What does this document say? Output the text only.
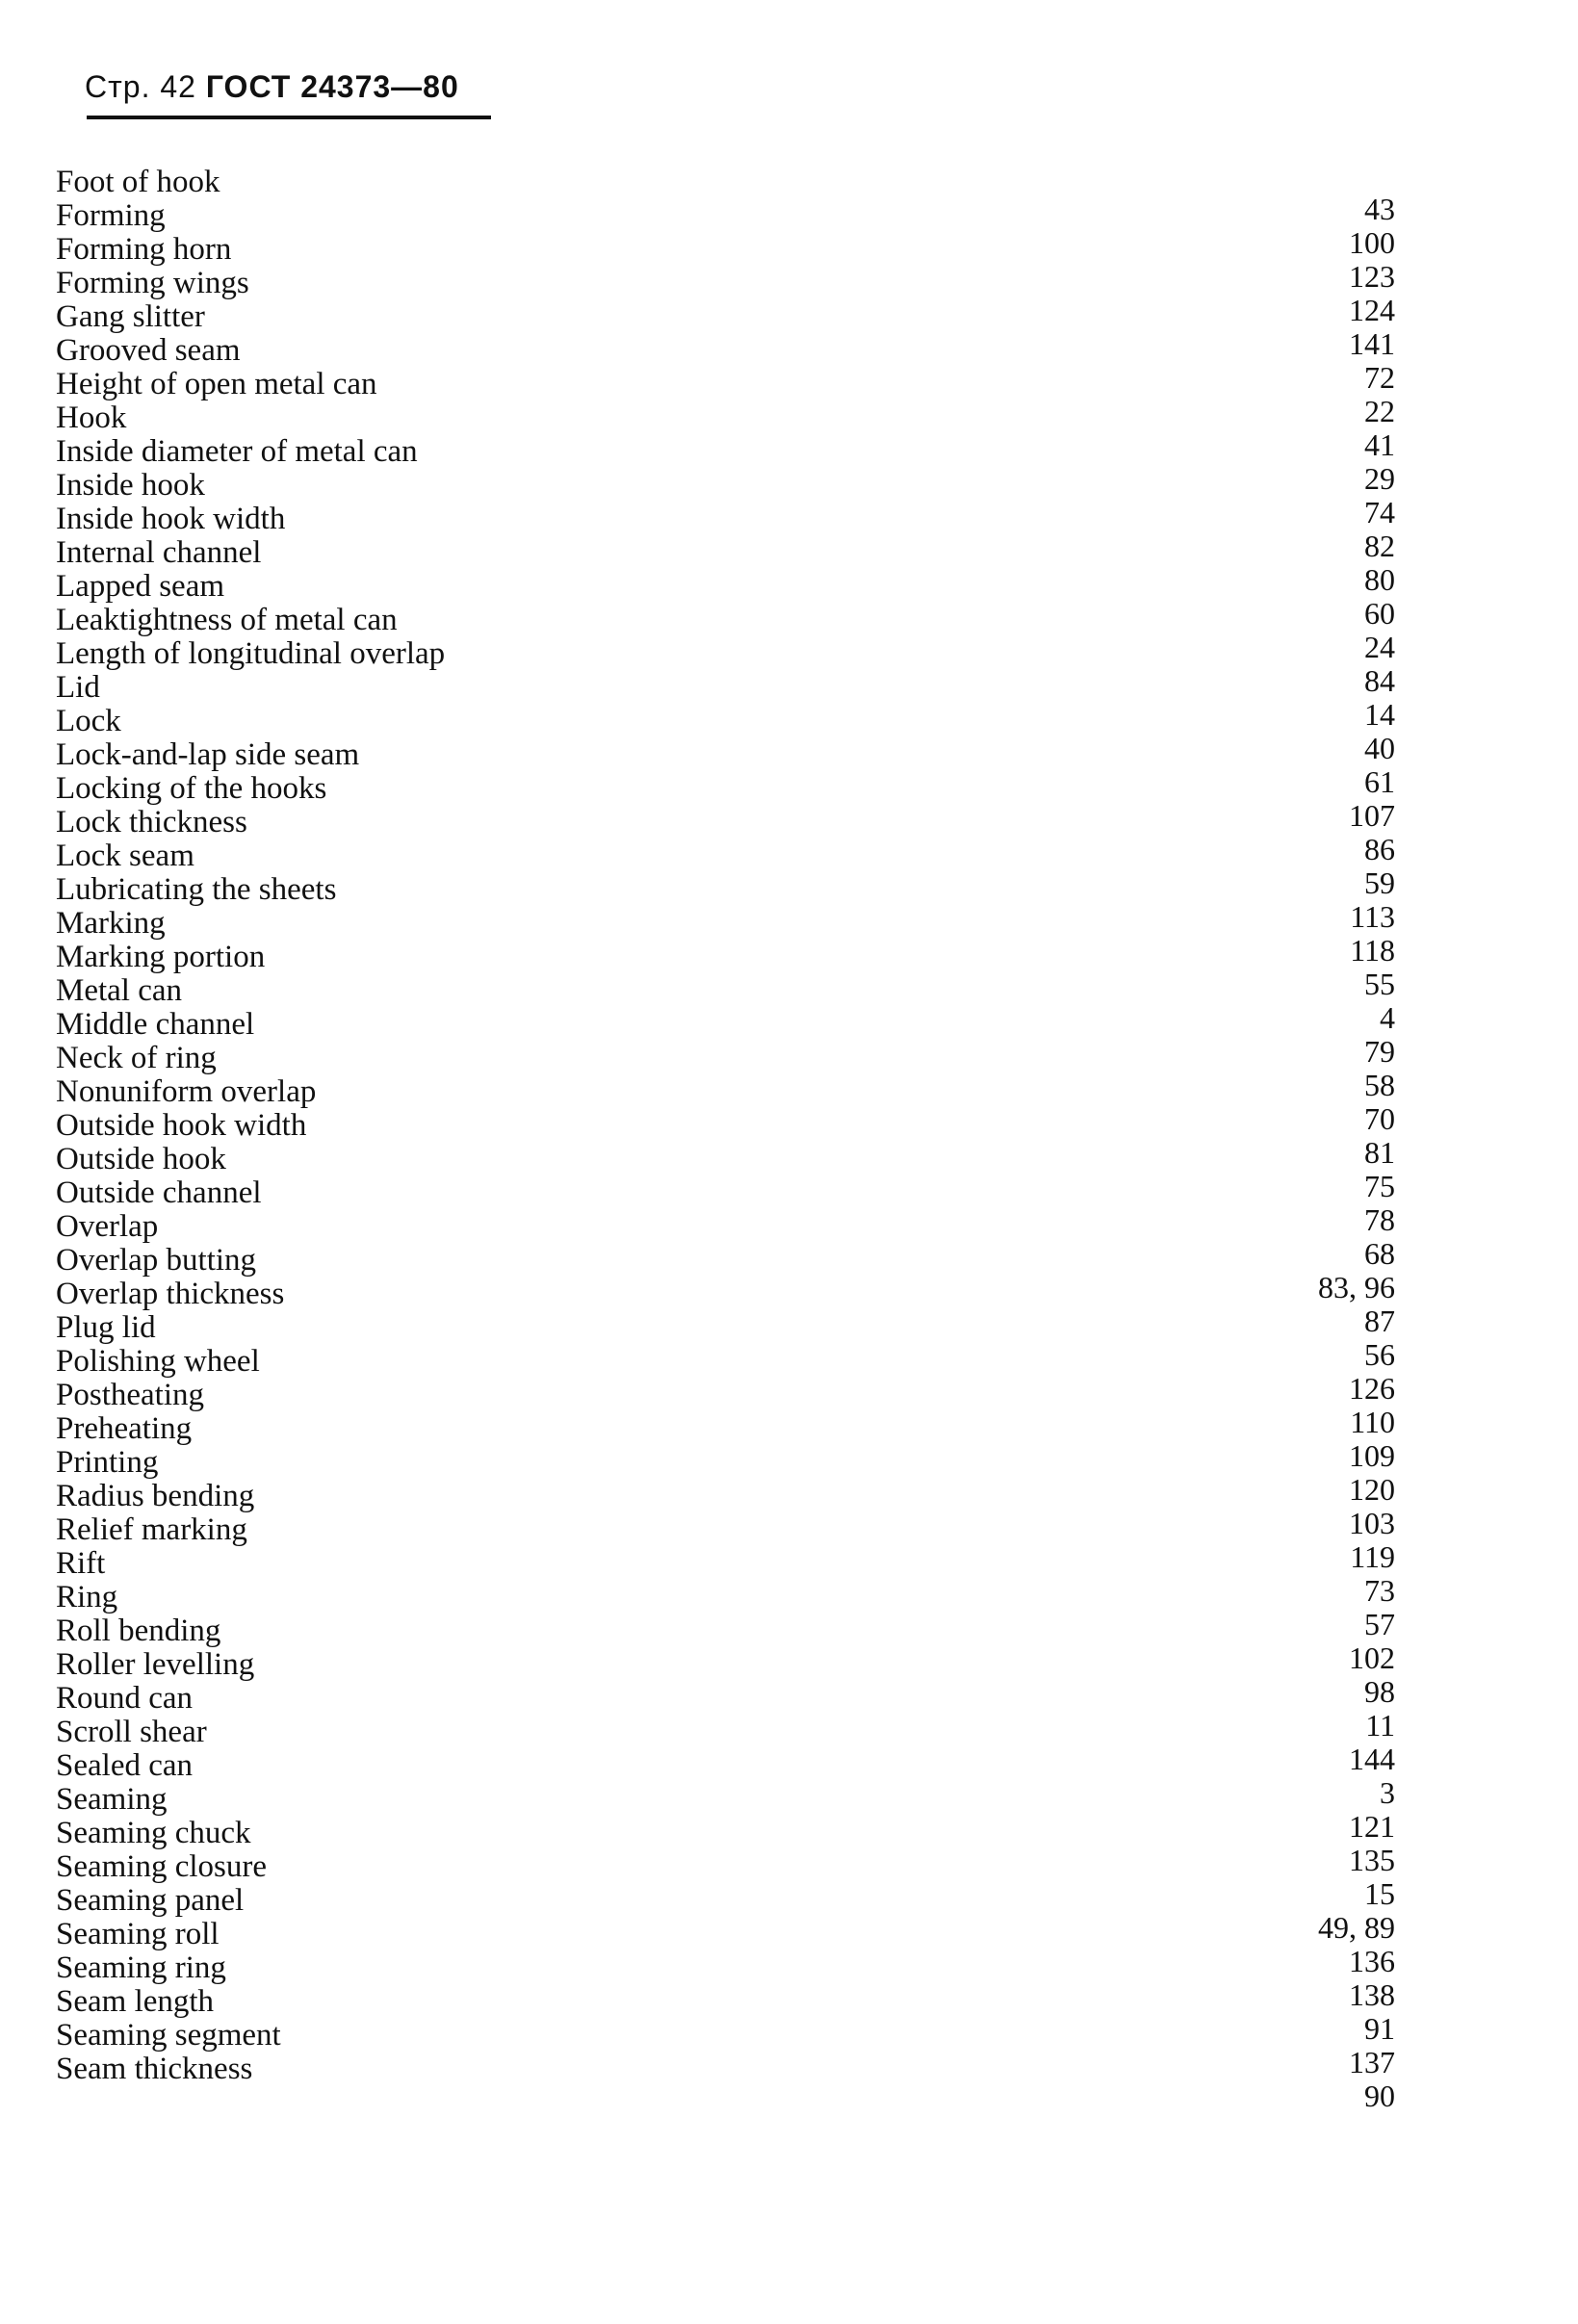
Стр. 42 ГОСТ 24373—80
Foot of hook
Forming
Forming horn
Forming wings
Gang slitter
Grooved seam
Height of open metal can
Hook
Inside diameter of metal can
Inside hook
Inside hook width
Internal channel
Lapped seam
Leaktightness of metal can
Length of longitudinal overlap
Lid
Lock
Lock-and-lap side seam
Locking of the hooks
Lock thickness
Lock seam
Lubricating the sheets
Marking
Marking portion
Metal can
Middle channel
Neck of ring
Nonuniform overlap
Outside hook width
Outside hook
Outside channel
Overlap
Overlap butting
Overlap thickness
Plug lid
Polishing wheel
Postheating
Preheating
Printing
Radius bending
Relief marking
Rift
Ring
Roll bending
Roller levelling
Round can
Scroll shear
Sealed can
Seaming
Seaming chuck
Seaming closure
Seaming panel
Seaming roll
Seaming ring
Seam length
Seaming segment
Seam thickness
43
100
123
124
141
72
22
41
29
74
82
80
60
24
84
14
40
61
107
86
59
113
118
55
4
79
58
70
81
75
78
68
83, 96
87
56
126
110
109
120
103
119
73
57
102
98
11
144
3
121
135
15
49, 89
136
138
91
137
90
